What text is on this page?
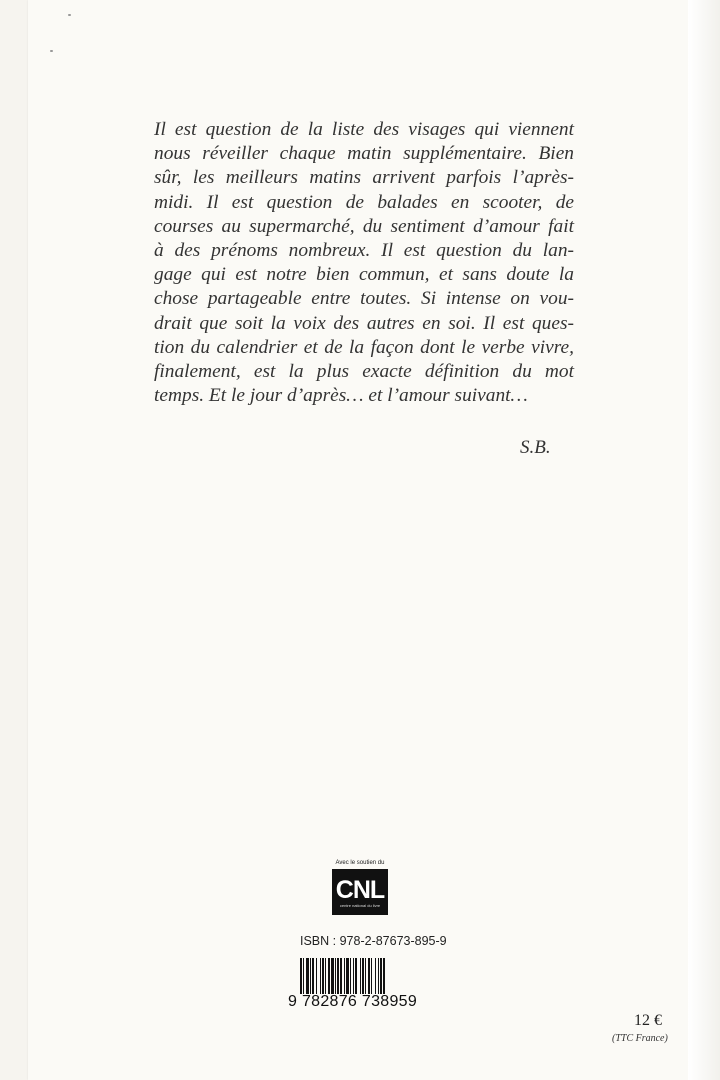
Il est question de la liste des visages qui viennent

nous réveiller chaque matin supplémentaire. Bien

sûr, les meilleurs matins arrivent parfois l’après-

midi. Il est question de balades en scooter, de

courses au supermarché, du sentiment d’amour fait

à des prénoms nombreux. Il est question du lan-

gage qui est notre bien commun, et sans doute la

chose partageable entre toutes. Si intense on vou-

drait que soit la voix des autres en soi. Il est ques-

tion du calendrier et de la façon dont le verbe vivre,

finalement, est la plus exacte définition du mot

temps. Et le jour d’après… et l’amour suivant…

S.B.
Avec le soutien du
CNL
centre national du livre
ISBN : 978-2-87673-895-9
9 782876 738959
12 €
(TTC France)
